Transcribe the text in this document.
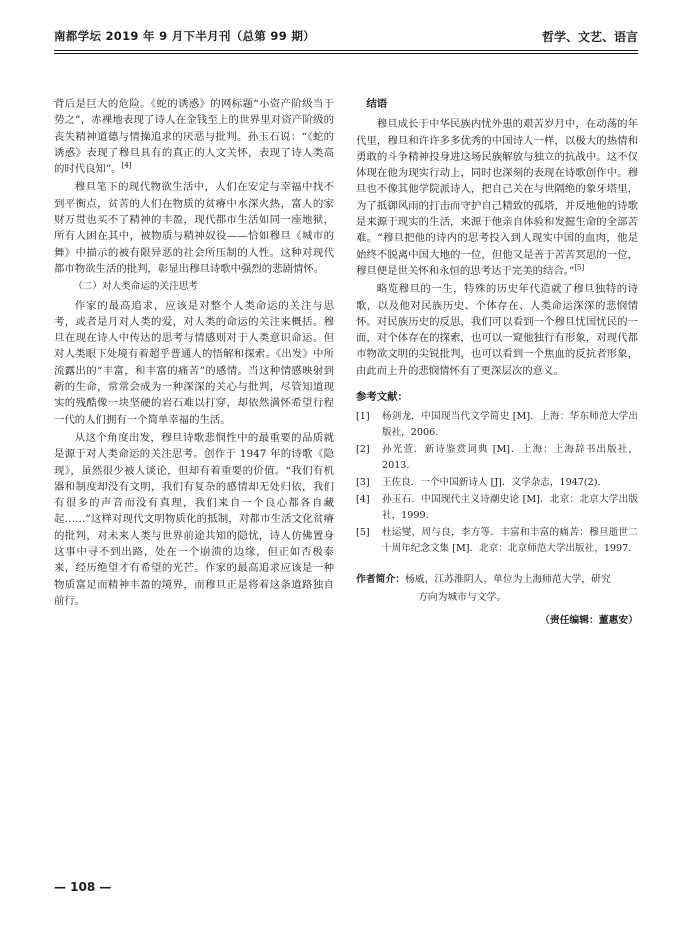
南都学坛 2019 年 9 月下半月刊（总第 99 期）	哲学、文艺、语言

背后是巨大的危险。《蛇的诱惑》的网标题“小资产阶级当于势之”，赤裸地表现了诗人在金钱至上的世界里对资产阶级的丧失精神道德与情操追求的厌恶与批判。孙玉石说：“《蛇的诱惑》表现了穆旦具有的真正的人文关怀，表现了诗人类高的时代良知”。[4]

穆旦笔下的现代物欲生活中，人们在安定与幸福中找不到平衡点，贫苦的人们在物质的贫瘠中水深火热，富人的家财万贯也买不了精神的丰盈，现代都市生活如同一座地狱，所有人困在其中，被物质与精神奴役——恰如穆旦《城市的舞》中描示的被有限异恶的社会所压制的人性。这种对现代都市物欲生活的批判，彰显出穆旦诗歌中强烈的悲剧情怀。

（二）对人类命运的关注思考

作家的最高追求，应该是对整个人类命运的关注与思考，或者是月对人类的爱，对人类的命运的关注来概括。穆旦在现在诗人中传达的思考与情感则对于人类意识命运。但对人类眼下处境有着超乎普通人的悟解和探索。《出发》中所流露出的“丰富，和丰富的痛苦”的感情。当这种情感映射到新的生命，常常会成为一种深深的关心与批判，尽管知道现实的残酷像一块坚硬的岩石难以打穿，却依然满怀希望行程一代的人们拥有一个简单幸福的生活。

从这个角度出发，穆旦诗歌悲悯性中的最重要的品质就是源于对人类命运的关注思考。创作于 1947 年的诗歌《隐现》，虽然很少被人谈论，但却有着重要的价值。“我们有机器和制度却没有文明，我们有复杂的感情却无处归依，我们有很多的声音而没有真理，我们来自一个良心都各自藏起……”这样对现代文明物质化的抵制，对都市生活文化贫瘠的批判，对未来人类与世界前途共知的隐忧，诗人仿佛置身这事中寻不到出路，处在一个崩溃的边缘，但正如否极泰来，经历绝望才有希望的光芒。作家的最高追求应该是一种物质富足而精神丰盈的境界，而穆旦正是将着这条道路独自前行。

结语

穆旦成长于中华民族内忧外患的艰苦岁月中，在动荡的年代里，穆旦和许许多多优秀的中国诗人一样，以极大的热情和勇敢的斗争精神投身进这场民族解放与独立的抗战中。这不仅体现在他为现实行动上，同时也深刻的表现在诗歌创作中。穆旦也不像其他学院派诗人，把自己关在与世隔绝的象牙塔里，为了抵御风雨的打击而守护自己精致的孤塔，并反地他的诗歌是来源于现实的生活，来源于他亲自体验和发掘生命的全部苦难。“穆旦把他的诗内的思考投入到人现实中国的血肉，他是始终不脱离中国大地的一位，但他又是善于苦苦冥思的一位，穆旦便是世关怀和永恒的思考达于完美的结合。”[5]

略览穆旦的一生，特殊的历史年代造就了穆旦独特的诗歌，以及他对民族历史、个体存在、人类命运深深的悲悯情怀。对民族历史的反思，我们可以看到一个穆旦忧国忧民的一面，对个体存在的探索，也可以一窥他独行有形象，对现代都市物欲文明的尖锐批判，也可以看到一个焦血的反抗者形象，由此而上升的悲悯情怀有了更深层次的意义。

参考文献：

[1] 杨剑龙．中国现当代文学简史 [M]．上海：华东师范大学出版社，2006.
[2] 孙光萱．新诗鉴赏词典 [M]．上海：上海辞书出版社，2013.
[3] 王佐良．一个中国新诗人 [J]．文学杂志，1947(2).
[4] 孙玉石．中国现代主义诗潮史论 [M]．北京：北京大学出版社，1999.
[5] 杜运燮，周与良，李方等．丰富和丰富的痛苦：穆旦逝世二十周年纪念文集 [M]．北京：北京师范大学出版社，1997.
作者简介：杨威，江苏淮阴人，单位为上海师范大学，研究
方向为城市与文学。
（责任编辑：董惠安）
— 108 —
